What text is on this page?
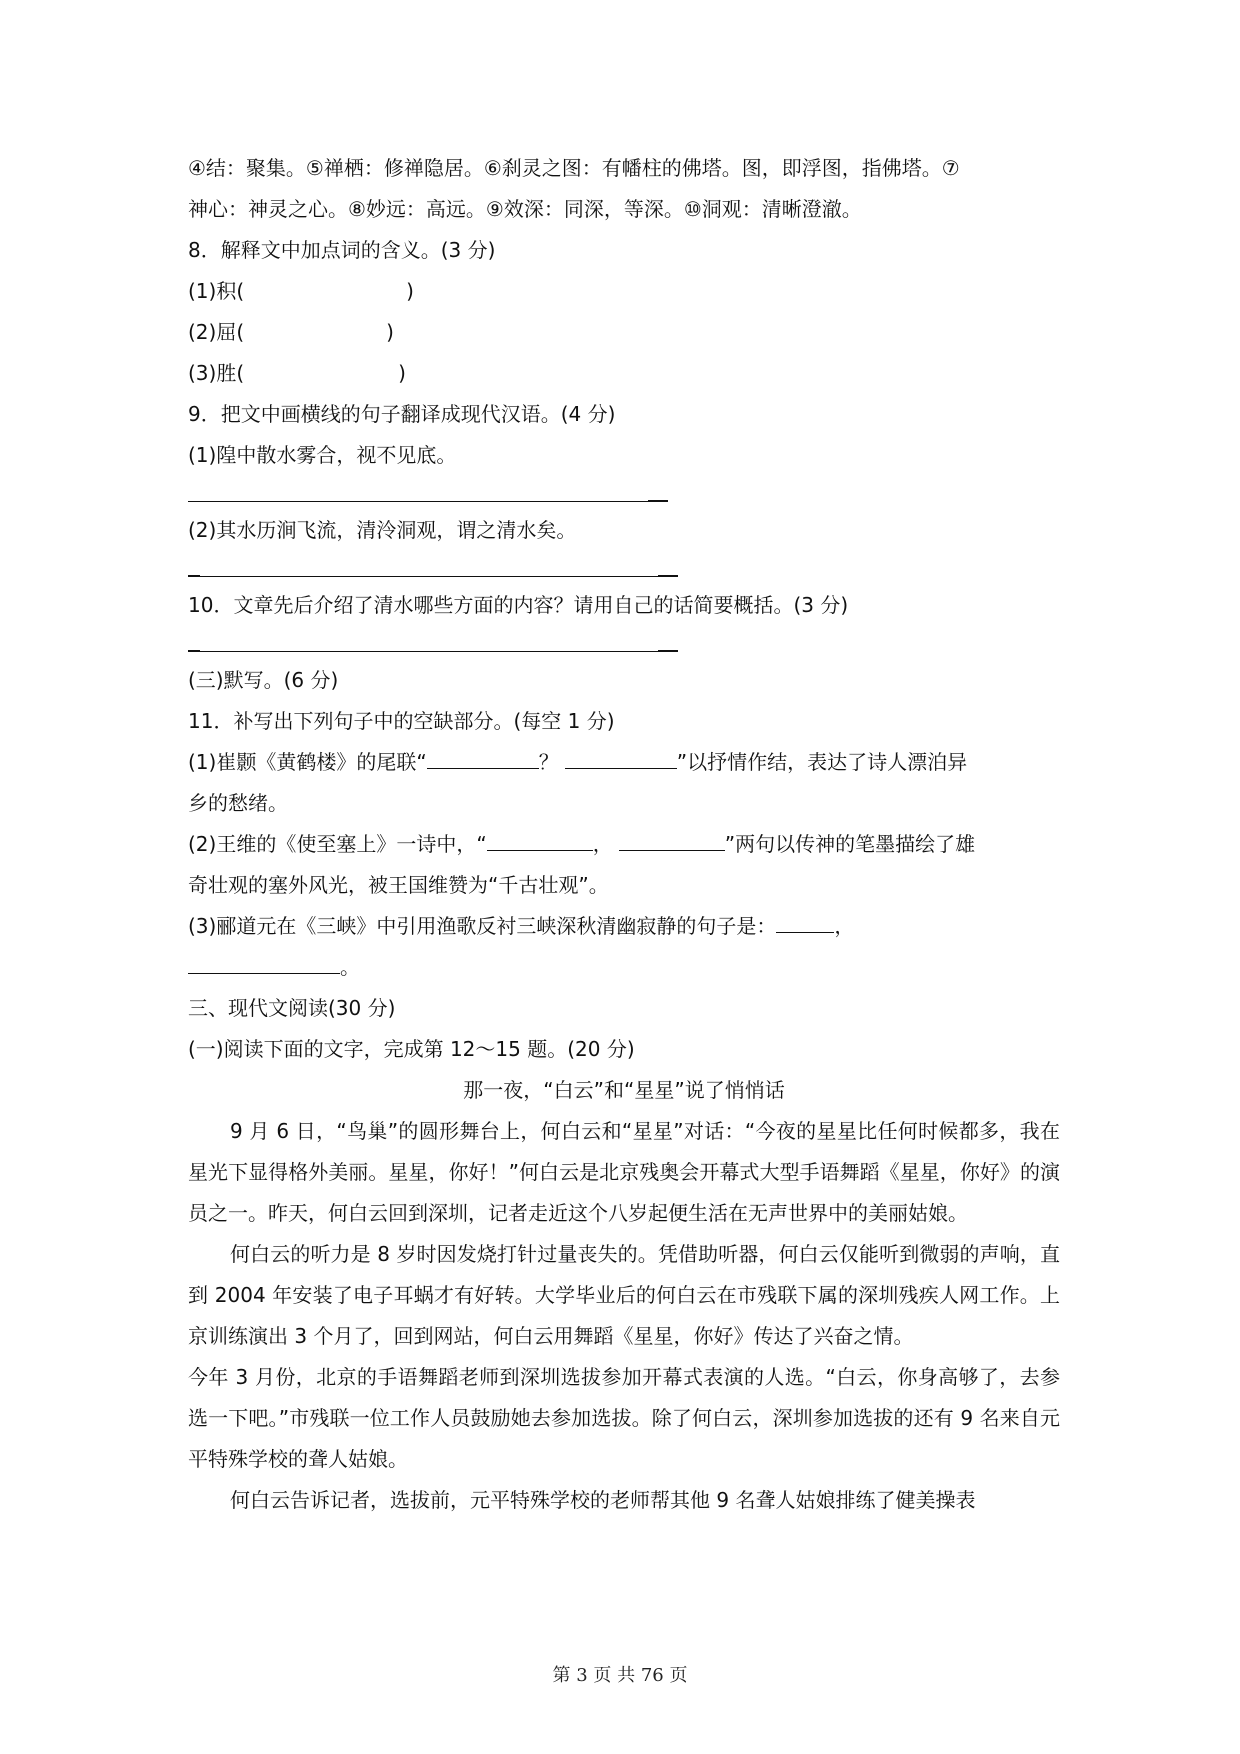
④结：聚集。⑤禅栖：修禅隐居。⑥刹灵之图：有幡柱的佛塔。图，即浮图，指佛塔。⑦

神心：神灵之心。⑧妙远：高远。⑨效深：同深，等深。⑩洞观：清晰澄澈。

8．解释文中加点词的含义。(3 分)

(1)积(	)

(2)屈(	)

(3)胜(	)

9．把文中画横线的句子翻译成现代汉语。(4 分)

(1)隍中散水雾合，视不见底。

(2)其水历涧飞流，清泠洞观，谓之清水矣。

10．文章先后介绍了清水哪些方面的内容？请用自己的话简要概括。(3 分)

(三)默写。(6 分)

11．补写出下列句子中的空缺部分。(每空 1 分)

(1)崔颢《黄鹤楼》的尾联“	？	”以抒情作结，表达了诗人漂泊异

乡的愁绪。

(2)王维的《使至塞上》一诗中，“	，	”两句以传神的笔墨描绘了雄

奇壮观的塞外风光，被王国维赞为“千古壮观”。

(3)郦道元在《三峡》中引用渔歌反衬三峡深秋清幽寂静的句子是：	，

。

三、现代文阅读(30 分)

(一)阅读下面的文字，完成第 12～15 题。(20 分)

那一夜，“白云”和“星星”说了悄悄话

9 月 6 日，“鸟巢”的圆形舞台上，何白云和“星星”对话：“今夜的星星比任何时候都多，我在星光下显得格外美丽。星星，你好！”何白云是北京残奥会开幕式大型手语舞蹈《星星，你好》的演员之一。昨天，何白云回到深圳，记者走近这个八岁起便生活在无声世界中的美丽姑娘。

何白云的听力是 8 岁时因发烧打针过量丧失的。凭借助听器，何白云仅能听到微弱的声响，直到 2004 年安装了电子耳蜗才有好转。大学毕业后的何白云在市残联下属的深圳残疾人网工作。上京训练演出 3 个月了，回到网站，何白云用舞蹈《星星，你好》传达了兴奋之情。

今年 3 月份，北京的手语舞蹈老师到深圳选拔参加开幕式表演的人选。“白云，你身高够了，去参选一下吧。”市残联一位工作人员鼓励她去参加选拔。除了何白云，深圳参加选拔的还有 9 名来自元平特殊学校的聋人姑娘。

何白云告诉记者，选拔前，元平特殊学校的老师帮其他 9 名聋人姑娘排练了健美操表

第 3 页 共 76 页
